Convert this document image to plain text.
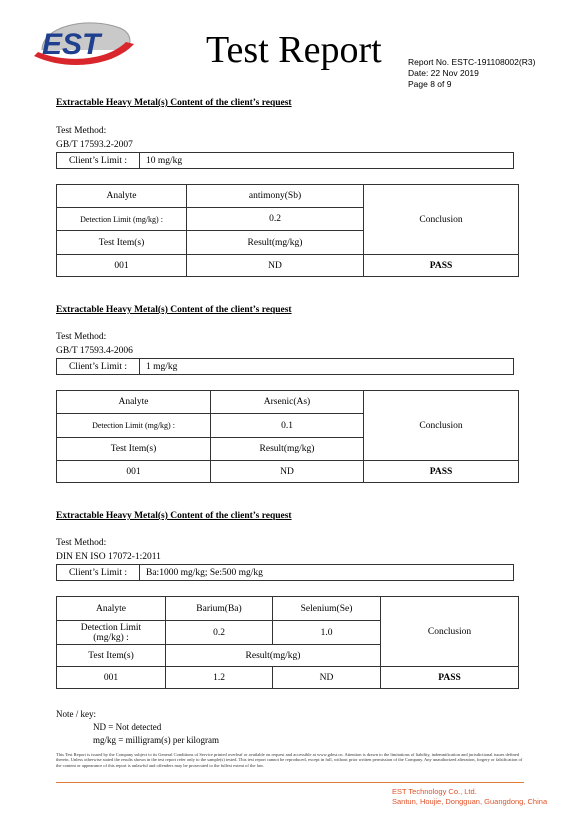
EST	Test Report	Report No. ESTC-191108002(R3)
Date: 22 Nov 2019
Page 8 of 9
Extractable Heavy Metal(s) Content of the client’s request
Test Method:
GB/T 17593.2-2007
Client’s Limit :	10 mg/kg
Analyte	antimony(Sb)	Conclusion
Detection Limit (mg/kg) :	0.2	
Test Item(s)	Result(mg/kg)	
001	ND	PASS
Extractable Heavy Metal(s) Content of the client’s request
Test Method:
GB/T 17593.4-2006
Client’s Limit :	1 mg/kg
Analyte	Arsenic(As)	Conclusion
Detection Limit (mg/kg) :	0.1	
Test Item(s)	Result(mg/kg)	
001	ND	PASS
Extractable Heavy Metal(s) Content of the client’s request
Test Method:
DIN EN ISO 17072-1:2011
Client’s Limit :	Ba:1000 mg/kg; Se:500 mg/kg
Analyte	Barium(Ba)	Selenium(Se)	Conclusion
Detection Limit
(mg/kg) :	0.2	1.0	
Test Item(s)	Result(mg/kg)		
001	1.2	ND	PASS
Note / key:
ND = Not detected
mg/kg = milligram(s) per kilogram
This Test Report is issued by the Company subject to its General Conditions of Service printed overleaf or available on request and accessible at www.gdest.cn. Attention is drawn to the limitations of liability, indemnification and jurisdictional issues defined therein. Unless otherwise stated the results shown in the test report refer only to the sample(s) tested. This test report cannot be reproduced, except in full, without prior written permission of the Company. Any unauthorized alteration, forgery or falsification of the content or appearance of this report is unlawful and offenders may be prosecuted to the fullest extent of the law.
EST Technology Co., Ltd.
Santun, Houjie, Dongguan, Guangdong, China
